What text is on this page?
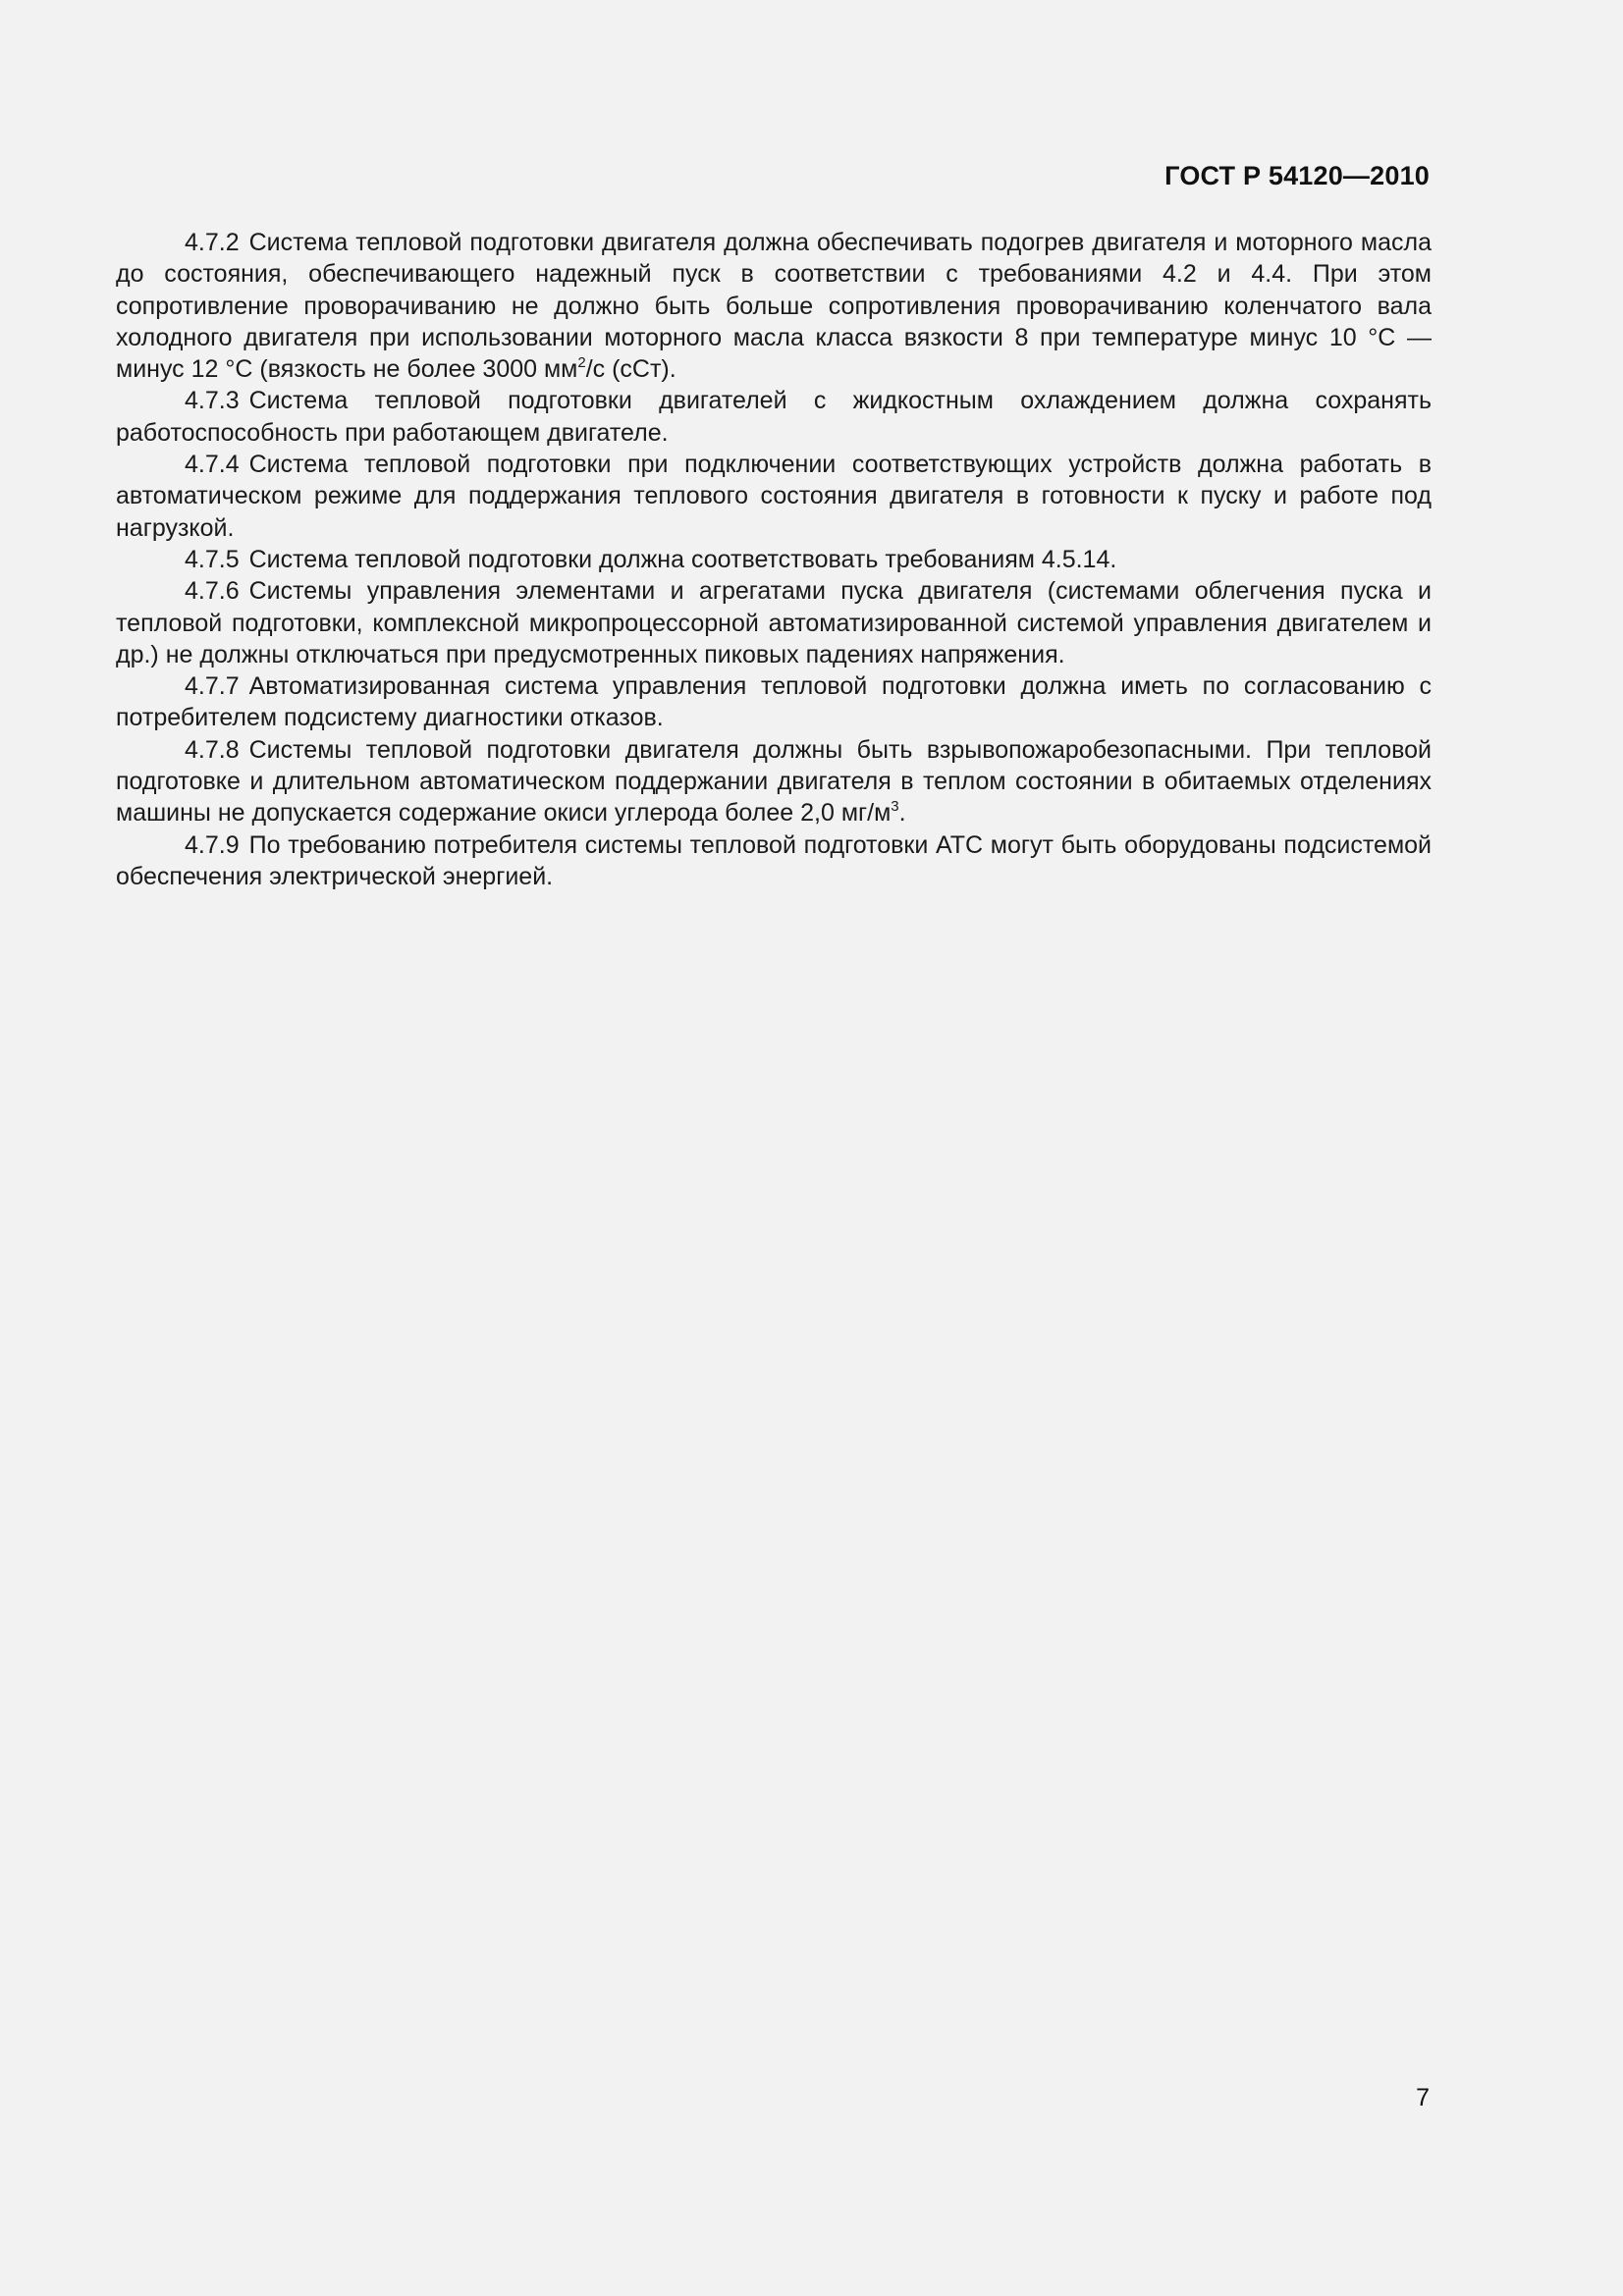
ГОСТ Р 54120—2010

4.7.2 Система тепловой подготовки двигателя должна обеспечивать подогрев двигателя и моторного масла до состояния, обеспечивающего надежный пуск в соответствии с требованиями 4.2 и 4.4. При этом сопротивление проворачиванию не должно быть больше сопротивления проворачиванию коленчатого вала холодного двигателя при использовании моторного масла класса вязкости 8 при температуре минус 10 °С — минус 12 °С (вязкость не более 3000 $мм^2/с$ (сСт).

4.7.3 Система тепловой подготовки двигателей с жидкостным охлаждением должна сохранять работоспособность при работающем двигателе.

4.7.4 Система тепловой подготовки при подключении соответствующих устройств должна работать в автоматическом режиме для поддержания теплового состояния двигателя в готовности к пуску и работе под нагрузкой.

4.7.5 Система тепловой подготовки должна соответствовать требованиям 4.5.14.

4.7.6 Системы управления элементами и агрегатами пуска двигателя (системами облегчения пуска и тепловой подготовки, комплексной микропроцессорной автоматизированной системой управления двигателем и др.) не должны отключаться при предусмотренных пиковых падениях напряжения.

4.7.7 Автоматизированная система управления тепловой подготовки должна иметь по согласованию с потребителем подсистему диагностики отказов.

4.7.8 Системы тепловой подготовки двигателя должны быть взрывопожаробезопасными. При тепловой подготовке и длительном автоматическом поддержании двигателя в теплом состоянии в обитаемых отделениях машины не допускается содержание окиси углерода более 2,0 $мг/м^3$.

4.7.9 По требованию потребителя системы тепловой подготовки АТС могут быть оборудованы подсистемой обеспечения электрической энергией.

7
